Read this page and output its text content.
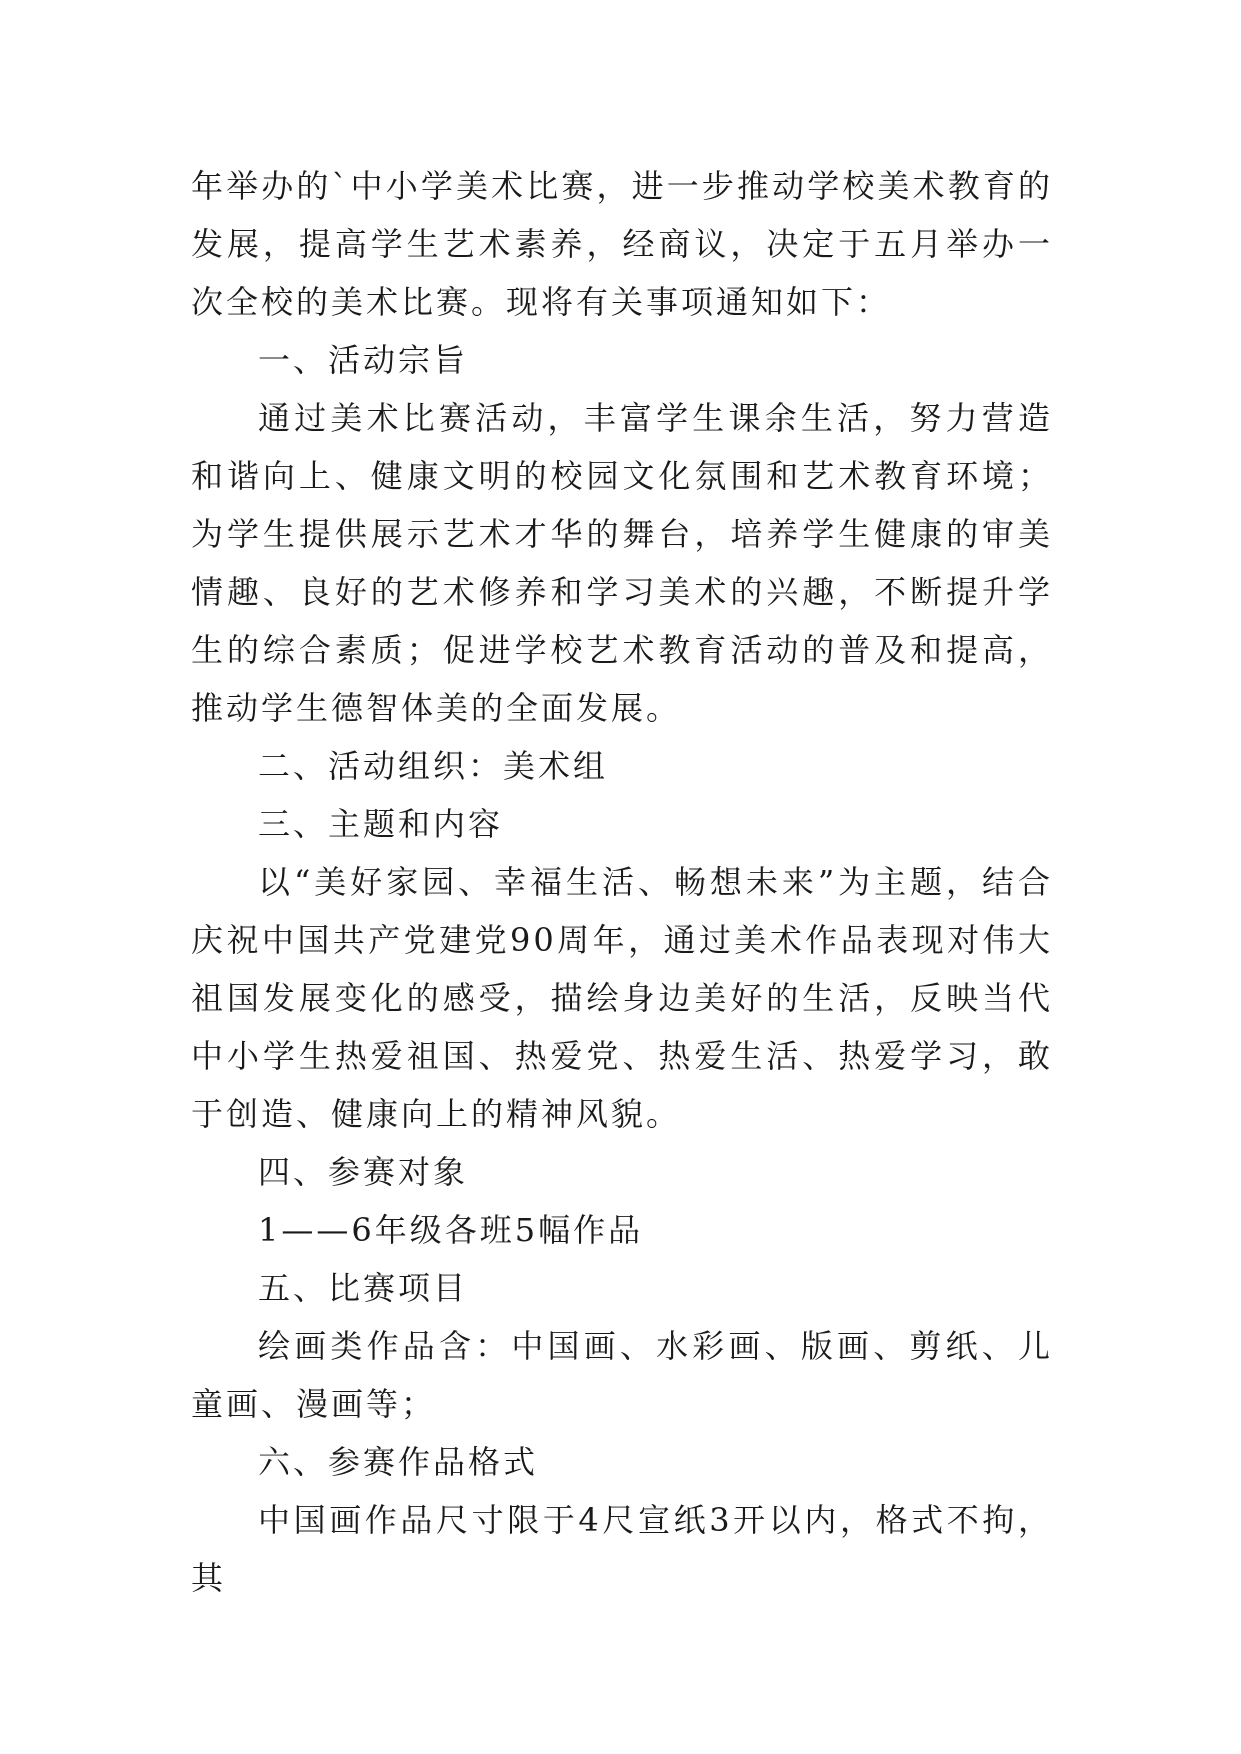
年举办的`中小学美术比赛，进一步推动学校美术教育的发展，提高学生艺术素养，经商议，决定于五月举办一次全校的美术比赛。现将有关事项通知如下：

一、活动宗旨

通过美术比赛活动，丰富学生课余生活，努力营造和谐向上、健康文明的校园文化氛围和艺术教育环境；为学生提供展示艺术才华的舞台，培养学生健康的审美情趣、良好的艺术修养和学习美术的兴趣，不断提升学生的综合素质；促进学校艺术教育活动的普及和提高，推动学生德智体美的全面发展。

二、活动组织：美术组

三、主题和内容

以“美好家园、幸福生活、畅想未来”为主题，结合庆祝中国共产党建党90周年，通过美术作品表现对伟大祖国发展变化的感受，描绘身边美好的生活，反映当代中小学生热爱祖国、热爱党、热爱生活、热爱学习，敢于创造、健康向上的精神风貌。

四、参赛对象

1——6年级各班5幅作品

五、比赛项目

绘画类作品含：中国画、水彩画、版画、剪纸、儿童画、漫画等；

六、参赛作品格式

中国画作品尺寸限于4尺宣纸3开以内，格式不拘，其
